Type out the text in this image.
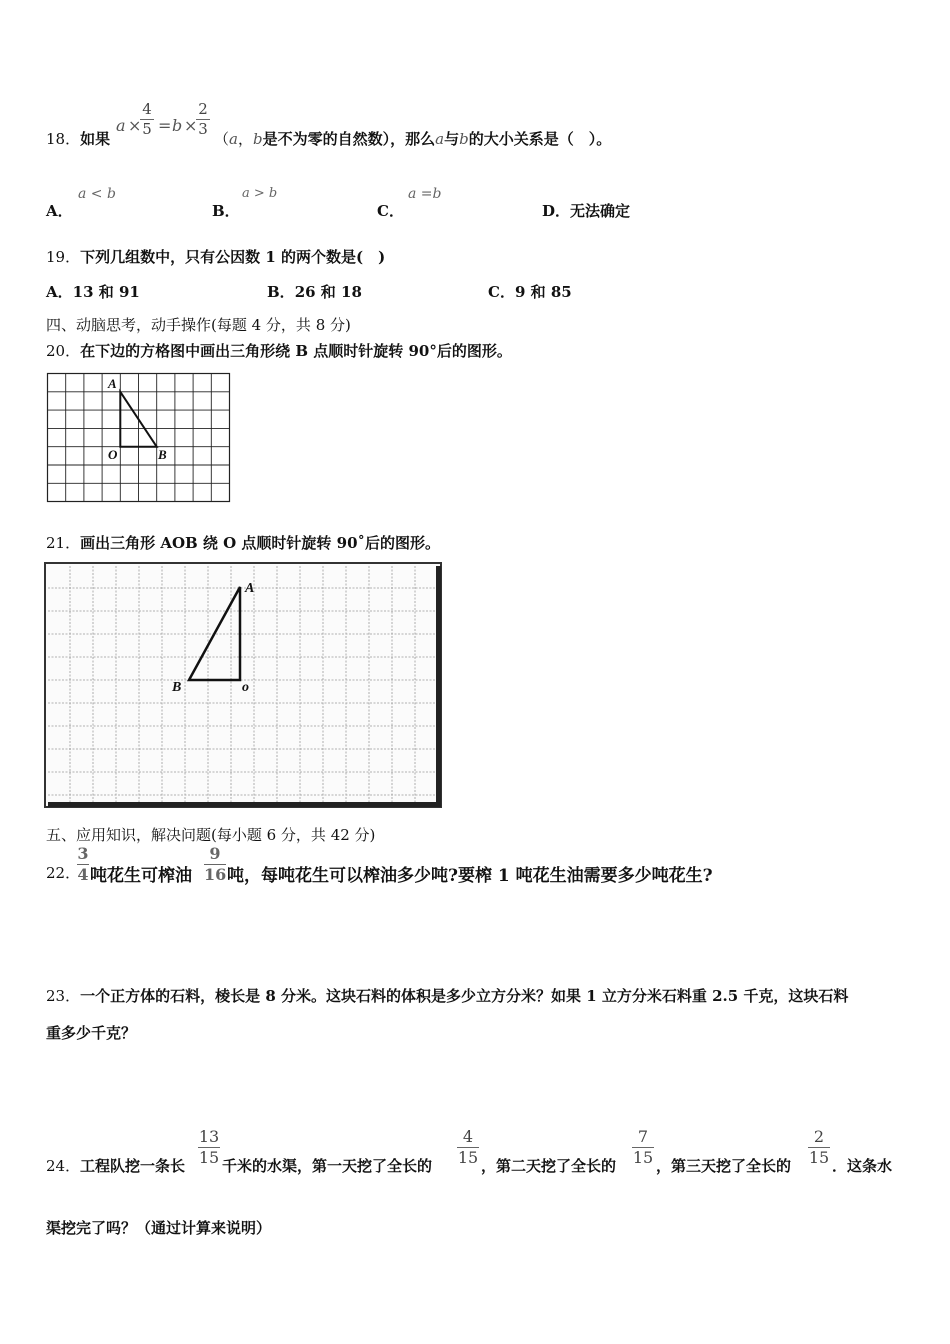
18．如果
a ×
4
5 = b ×
2
3
（a，b是不为零的自然数），那么a与b的大小关系是（　）。
A．
a < b
B．
a > b
C．
a =b
D．无法确定
19．下列几组数中，只有公因数 1 的两个数是(　)
A．13 和 91	B．26 和 18	C．9 和 85
四、动脑思考，动手操作(每题 4 分，共 8 分)
20．在下边的方格图中画出三角形绕 B 点顺时针旋转 90°后的图形。
A
O	B
21．画出三角形 AOB 绕 O 点顺时针旋转 90˚后的图形。
A
B	o
五、应用知识，解决问题(每小题 6 分，共 42 分)
22．
3
4 吨花生可榨油
9
16 吨，每吨花生可以榨油多少吨?要榨 1 吨花生油需要多少吨花生?
23．一个正方体的石料，棱长是 8 分米。这块石料的体积是多少立方分米？如果 1 立方分米石料重 2.5 千克，这块石料
重多少千克？
24． 工程队挖一条长
13
15 千米的水渠，第一天挖了全长的
4
15 ，第二天挖了全长的
7
15 ，第三天挖了全长的
2
15 ．这条水
渠挖完了吗？（通过计算来说明）
